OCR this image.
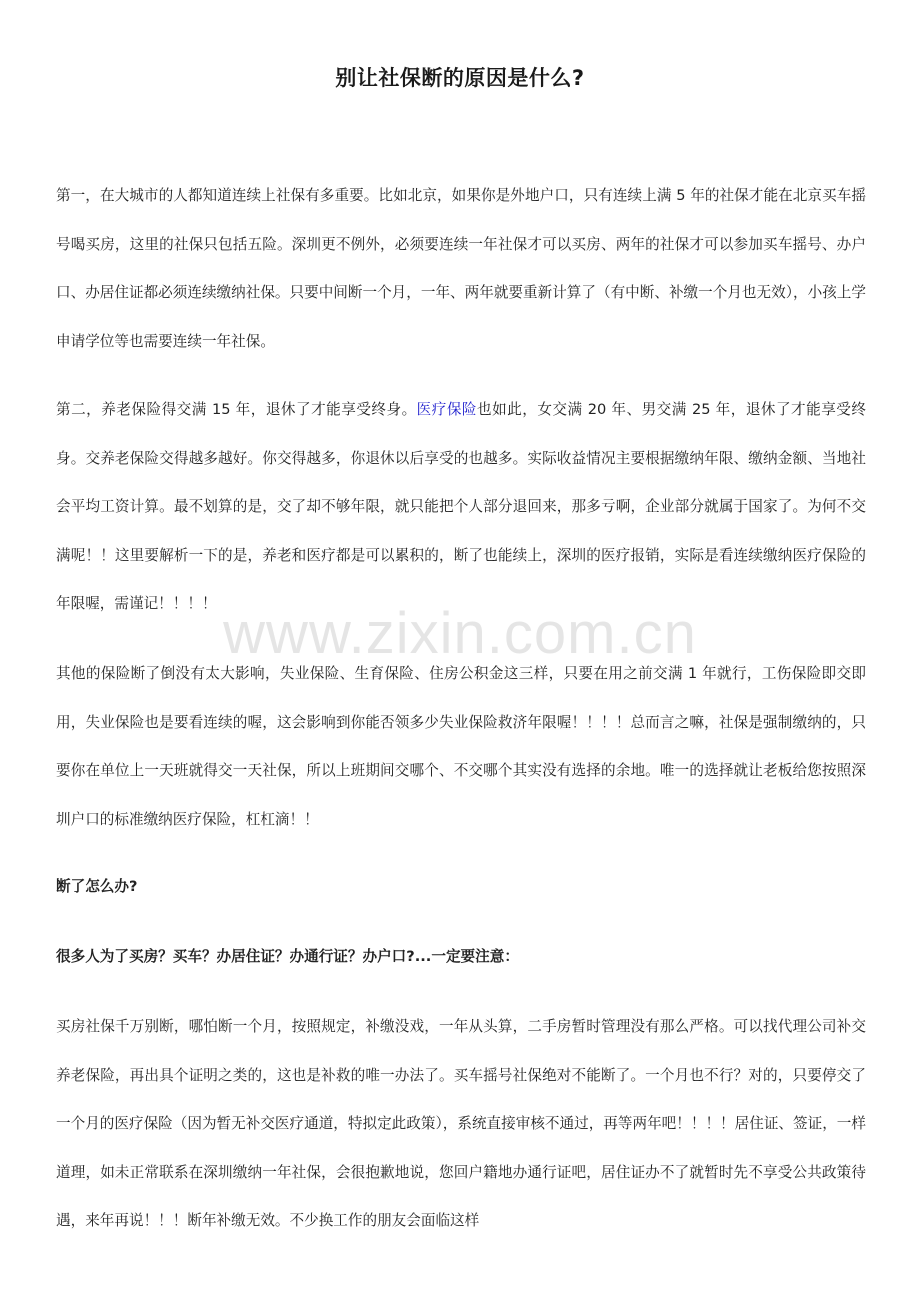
别让社保断的原因是什么?

第一，在大城市的人都知道连续上社保有多重要。比如北京，如果你是外地户口，只有连续上满 5 年的社保才能在北京买车摇号喝买房，这里的社保只包括五险。深圳更不例外，必须要连续一年社保才可以买房、两年的社保才可以参加买车摇号、办户口、办居住证都必须连续缴纳社保。只要中间断一个月，一年、两年就要重新计算了（有中断、补缴一个月也无效），小孩上学申请学位等也需要连续一年社保。

第二，养老保险得交满 15 年，退休了才能享受终身。医疗保险也如此，女交满 20 年、男交满 25 年，退休了才能享受终身。交养老保险交得越多越好。你交得越多，你退休以后享受的也越多。实际收益情况主要根据缴纳年限、缴纳金额、当地社会平均工资计算。最不划算的是，交了却不够年限，就只能把个人部分退回来，那多亏啊，企业部分就属于国家了。为何不交满呢！！这里要解析一下的是，养老和医疗都是可以累积的，断了也能续上，深圳的医疗报销，实际是看连续缴纳医疗保险的年限喔，需谨记！！！！

其他的保险断了倒没有太大影响，失业保险、生育保险、住房公积金这三样，只要在用之前交满 1 年就行，工伤保险即交即用，失业保险也是要看连续的喔，这会影响到你能否领多少失业保险救济年限喔！！！！总而言之嘛，社保是强制缴纳的，只要你在单位上一天班就得交一天社保，所以上班期间交哪个、不交哪个其实没有选择的余地。唯一的选择就让老板给您按照深圳户口的标准缴纳医疗保险，杠杠滴！！

断了怎么办?

很多人为了买房？买车？办居住证？办通行证？办户口?...一定要注意：

买房社保千万别断，哪怕断一个月，按照规定，补缴没戏，一年从头算，二手房暂时管理没有那么严格。可以找代理公司补交养老保险，再出具个证明之类的，这也是补救的唯一办法了。买车摇号社保绝对不能断了。一个月也不行？对的，只要停交了一个月的医疗保险（因为暂无补交医疗通道，特拟定此政策），系统直接审核不通过，再等两年吧！！！！居住证、签证，一样道理，如未正常联系在深圳缴纳一年社保，会很抱歉地说，您回户籍地办通行证吧，居住证办不了就暂时先不享受公共政策待遇，来年再说！！！断年补缴无效。不少换工作的朋友会面临这样

www.zixin.com.cn
